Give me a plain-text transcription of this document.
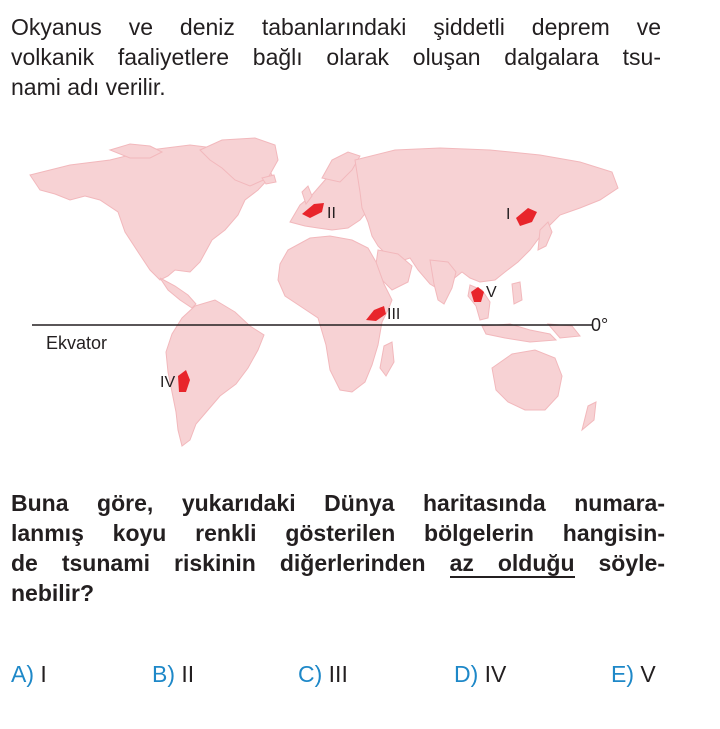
Okyanus ve deniz tabanlarındaki şiddetli deprem ve
volkanik faaliyetlere bağlı olarak oluşan dalgalara tsu-
nami adı verilir.
Ekvator
0°
I
II
III
IV
V
Buna göre, yukarıdaki Dünya haritasında numara-
lanmış koyu renkli gösterilen bölgelerin hangisin-
de tsunami riskinin diğerlerinden az olduğu söyle-
nebilir?
A) I	B) II	C) III	D) IV	E) V
